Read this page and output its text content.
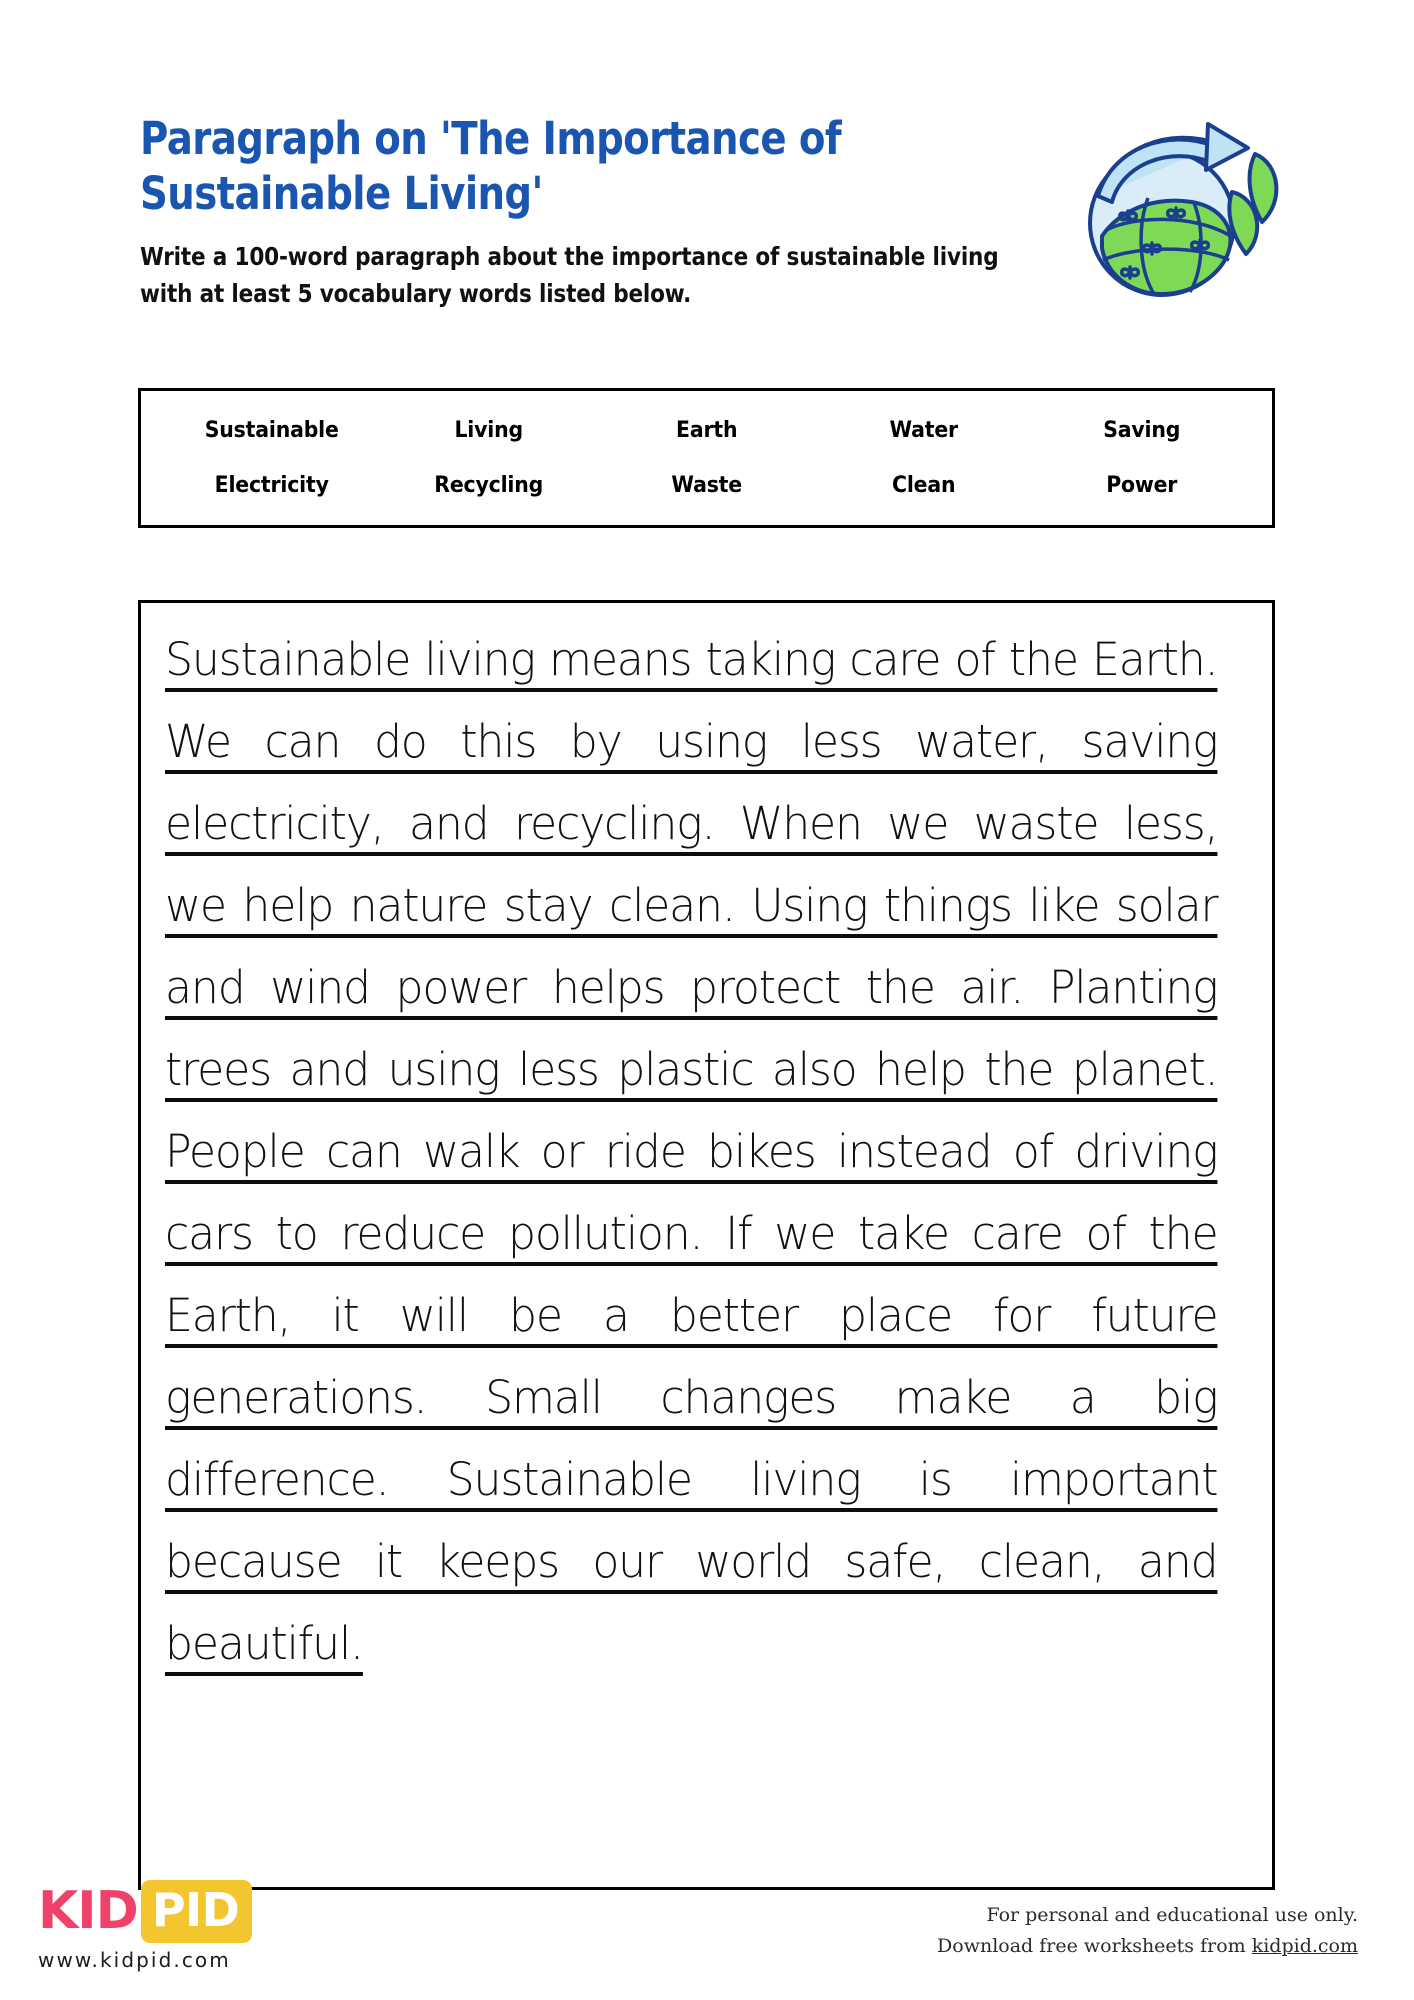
Paragraph on 'The Importance of Sustainable Living'
Write a 100-word paragraph about the importance of sustainable living with at least 5 vocabulary words listed below.
Sustainable	Living	Earth	Water	Saving
Electricity	Recycling	Waste	Clean	Power
Sustainable living means taking care of the Earth. We can do this by using less water, saving electricity, and recycling. When we waste less, we help nature stay clean. Using things like solar and wind power helps protect the air. Planting trees and using less plastic also help the planet. People can walk or ride bikes instead of driving cars to reduce pollution. If we take care of the Earth, it will be a better place for future generations. Small changes make a big difference. Sustainable living is important because it keeps our world safe, clean, and beautiful.
KID PID
www.kidpid.com
For personal and educational use only.
Download free worksheets from kidpid.com
